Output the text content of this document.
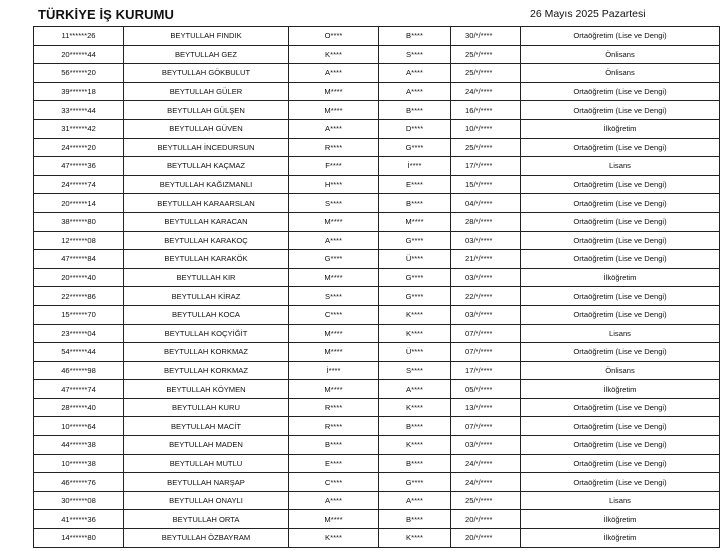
TÜRKİYE İŞ KURUMU	26 Mayıs 2025 Pazartesi
11******26	BEYTULLAH FINDIK	O****	B****	30/*/****	Ortaöğretim (Lise ve Dengi)
20******44	BEYTULLAH GEZ	K****	S****	25/*/****	Önlisans
56******20	BEYTULLAH GÖKBULUT	A****	A****	25/*/****	Önlisans
39******18	BEYTULLAH GÜLER	M****	A****	24/*/****	Ortaöğretim (Lise ve Dengi)
33******44	BEYTULLAH GÜLŞEN	M****	B****	16/*/****	Ortaöğretim (Lise ve Dengi)
31******42	BEYTULLAH GÜVEN	A****	D****	10/*/****	İlköğretim
24******20	BEYTULLAH İNCEDURSUN	R****	G****	25/*/****	Ortaöğretim (Lise ve Dengi)
47******36	BEYTULLAH KAÇMAZ	F****	İ****	17/*/****	Lisans
24******74	BEYTULLAH KAĞIZMANLI	H****	E****	15/*/****	Ortaöğretim (Lise ve Dengi)
20******14	BEYTULLAH KARAARSLAN	S****	B****	04/*/****	Ortaöğretim (Lise ve Dengi)
38******80	BEYTULLAH KARACAN	M****	M****	28/*/****	Ortaöğretim (Lise ve Dengi)
12******08	BEYTULLAH KARAKOÇ	A****	G****	03/*/****	Ortaöğretim (Lise ve Dengi)
47******84	BEYTULLAH KARAKÖK	G****	Ü****	21/*/****	Ortaöğretim (Lise ve Dengi)
20******40	BEYTULLAH KIR	M****	G****	03/*/****	İlköğretim
22******86	BEYTULLAH KİRAZ	S****	G****	22/*/****	Ortaöğretim (Lise ve Dengi)
15******70	BEYTULLAH KOCA	C****	K****	03/*/****	Ortaöğretim (Lise ve Dengi)
23******04	BEYTULLAH KOÇYİĞİT	M****	K****	07/*/****	Lisans
54******44	BEYTULLAH KORKMAZ	M****	Ü****	07/*/****	Ortaöğretim (Lise ve Dengi)
46******98	BEYTULLAH KORKMAZ	İ****	S****	17/*/****	Önlisans
47******74	BEYTULLAH KÖYMEN	M****	A****	05/*/****	İlköğretim
28******40	BEYTULLAH KURU	R****	K****	13/*/****	Ortaöğretim (Lise ve Dengi)
10******64	BEYTULLAH MACİT	R****	B****	07/*/****	Ortaöğretim (Lise ve Dengi)
44******38	BEYTULLAH MADEN	B****	K****	03/*/****	Ortaöğretim (Lise ve Dengi)
10******38	BEYTULLAH MUTLU	E****	B****	24/*/****	Ortaöğretim (Lise ve Dengi)
46******76	BEYTULLAH NARŞAP	C****	G****	24/*/****	Ortaöğretim (Lise ve Dengi)
30******08	BEYTULLAH ONAYLI	A****	A****	25/*/****	Lisans
41******36	BEYTULLAH ORTA	M****	B****	20/*/****	İlköğretim
14******80	BEYTULLAH ÖZBAYRAM	K****	K****	20/*/****	İlköğretim
